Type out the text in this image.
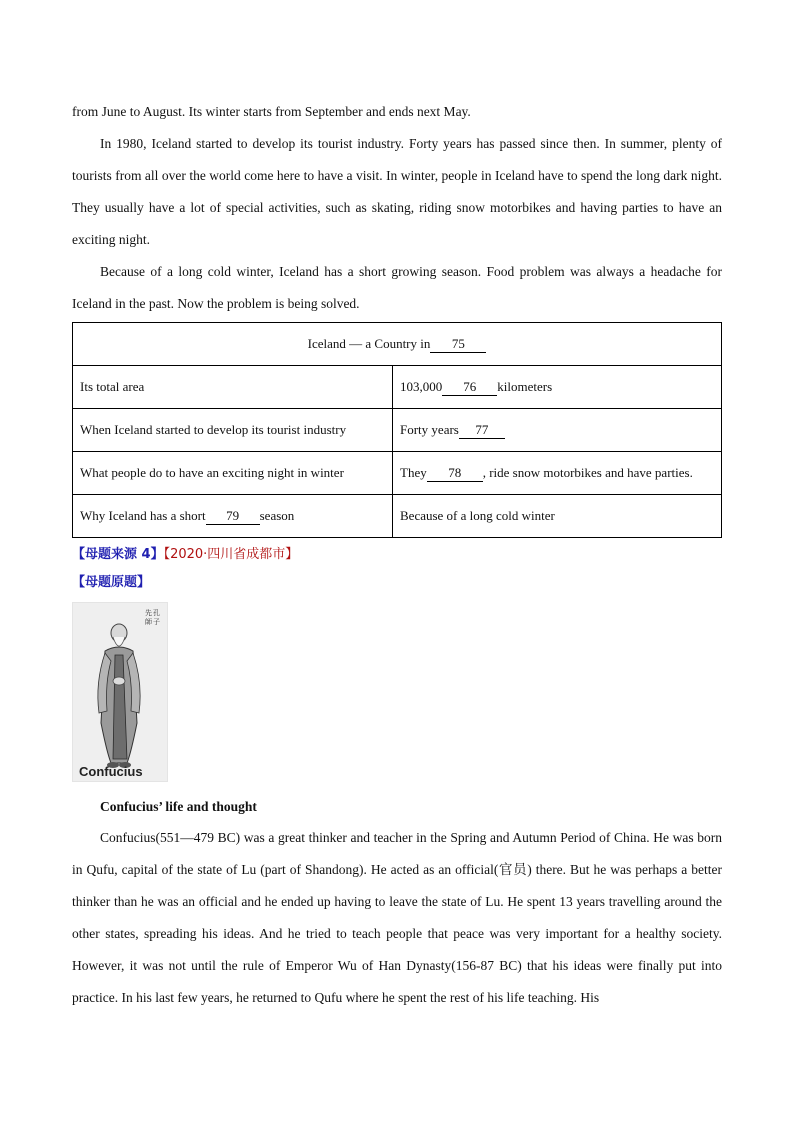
from June to August. Its winter starts from September and ends next May.

In 1980, Iceland started to develop its tourist industry. Forty years has passed since then. In summer, plenty of tourists from all over the world come here to have a visit. In winter, people in Iceland have to spend the long dark night. They usually have a lot of special activities, such as skating, riding snow motorbikes and having parties to have an exciting night.

Because of a long cold winter, Iceland has a short growing season. Food problem was always a headache for Iceland in the past. Now the problem is being solved.

Iceland — a Country in 75	
Its total area	103,000 76 kilometers
When Iceland started to develop its tourist industry	Forty years 77
What people do to have an exciting night in winter	They 78 , ride snow motorbikes and have parties.
Why Iceland has a short 79 season	Because of a long cold winter
【母题来源 4】【2020·四川省成都市】
【母题原题】
先
師
孔
子
Confucius

Confucius’ life and thought

Confucius(551—479 BC) was a great thinker and teacher in the Spring and Autumn Period of China. He was born in Qufu, capital of the state of Lu (part of Shandong). He acted as an official(官员) there. But he was perhaps a better thinker than he was an official and he ended up having to leave the state of Lu. He spent 13 years travelling around the other states, spreading his ideas. And he tried to teach people that peace was very important for a healthy society. However, it was not until the rule of Emperor Wu of Han Dynasty(156-87 BC) that his ideas were finally put into practice. In his last few years, he returned to Qufu where he spent the rest of his life teaching. His
